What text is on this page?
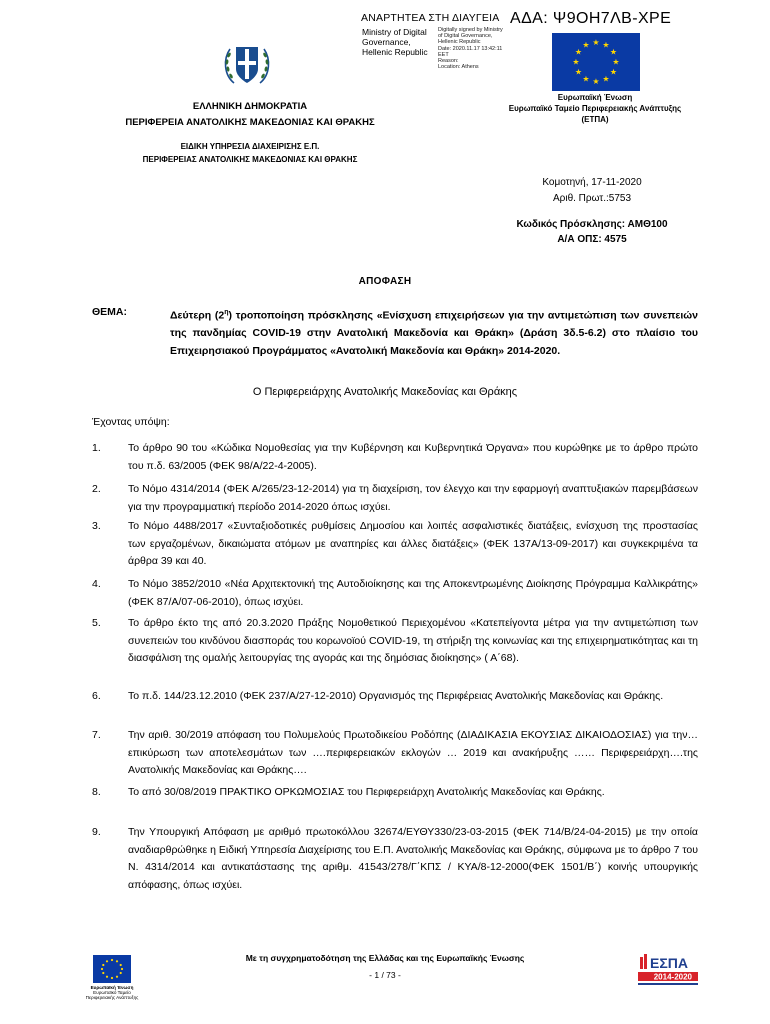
ΑΝΑΡΤΗΤΕΑ ΣΤΗ ΔΙΑΥΓΕΙΑ ΑΔΑ: Ψ9ΟΗ7ΛΒ-ΧΡΕ
Ministry of Digital
Governance,
Hellenic Republic
Digitally signed by Ministry
of Digital Governance,
Hellenic Republic
Date: 2020.11.17 13:42:11
EET
Reason:
Location: Athens
★ ★
★
★
★
★
★
★
★
★
★
★
Ευρωπαϊκή Ένωση
Ευρωπαϊκό Ταμείο Περιφερειακής Ανάπτυξης
(ΕΤΠΑ)
ΕΛΛΗΝΙΚΗ ΔΗΜΟΚΡΑΤΙΑ
ΠΕΡΙΦΕΡΕΙΑ ΑΝΑΤΟΛΙΚΗΣ ΜΑΚΕΔΟΝΙΑΣ ΚΑΙ ΘΡΑΚΗΣ
ΕΙΔΙΚΗ ΥΠΗΡΕΣΙΑ ΔΙΑΧΕΙΡΙΣΗΣ Ε.Π.
ΠΕΡΙΦΕΡΕΙΑΣ ΑΝΑΤΟΛΙΚΗΣ ΜΑΚΕΔΟΝΙΑΣ ΚΑΙ ΘΡΑΚΗΣ
Κομοτηνή, 17-11-2020
Αριθ. Πρωτ.:5753
Κωδικός Πρόσκλησης: ΑΜΘ100
Α/Α ΟΠΣ: 4575
ΑΠΟΦΑΣΗ
ΘΕΜΑ:	Δεύτερη $(2^\eta)$ τροποποίηση πρόσκλησης «Ενίσχυση επιχειρήσεων για την αντιμετώπιση των συνεπειών της πανδημίας COVID-19 στην Ανατολική Μακεδονία και Θράκη» (Δράση 3δ.5-6.2) στο πλαίσιο του Επιχειρησιακού Προγράμματος «Ανατολική Μακεδονία και Θράκη» 2014-2020.
Ο Περιφερειάρχης Ανατολικής Μακεδονίας και Θράκης
Έχοντας υπόψη:
1.	Το άρθρο 90 του «Κώδικα Νομοθεσίας για την Κυβέρνηση και Κυβερνητικά Όργανα» που κυρώθηκε με το άρθρο πρώτο του π.δ. 63/2005 (ΦΕΚ 98/Α/22-4-2005).
2.	Το Νόμο 4314/2014 (ΦΕΚ Α/265/23-12-2014) για τη διαχείριση, τον έλεγχο και την εφαρμογή αναπτυξιακών παρεμβάσεων για την προγραμματική περίοδο 2014-2020 όπως ισχύει.
3.	Το Νόμο 4488/2017 «Συνταξιοδοτικές ρυθμίσεις Δημοσίου και λοιπές ασφαλιστικές διατάξεις, ενίσχυση της προστασίας των εργαζομένων, δικαιώματα ατόμων με αναπηρίες και άλλες διατάξεις» (ΦΕΚ 137Α/13-09-2017) και συγκεκριμένα τα άρθρα 39 και 40.
4.	Το Νόμο 3852/2010 «Νέα Αρχιτεκτονική της Αυτοδιοίκησης και της Αποκεντρωμένης Διοίκησης Πρόγραμμα Καλλικράτης» (ΦΕΚ 87/Α/07-06-2010), όπως ισχύει.
5.	Το άρθρο έκτο της από 20.3.2020 Πράξης Νομοθετικού Περιεχομένου «Κατεπείγοντα μέτρα για την αντιμετώπιση των συνεπειών του κινδύνου διασποράς του κορωνοϊού COVID-19, τη στήριξη της κοινωνίας και της επιχειρηματικότητας και τη διασφάλιση της ομαλής λειτουργίας της αγοράς και της δημόσιας διοίκησης» ( Α΄68).
6.	Το π.δ. 144/23.12.2010 (ΦΕΚ 237/Α/27-12-2010) Οργανισμός της Περιφέρειας Ανατολικής Μακεδονίας και Θράκης.
7.	Την αριθ. 30/2019 απόφαση του Πολυμελούς Πρωτοδικείου Ροδόπης (ΔΙΑΔΙΚΑΣΙΑ ΕΚΟΥΣΙΑΣ ΔΙΚΑΙΟΔΟΣΙΑΣ) για την… επικύρωση των αποτελεσμάτων των ….περιφερειακών εκλογών … 2019 και ανακήρυξης …… Περιφερειάρχη….της Ανατολικής Μακεδονίας και Θράκης….
8.	Το από 30/08/2019 ΠΡΑΚΤΙΚΟ ΟΡΚΩΜΟΣΙΑΣ του Περιφερειάρχη Ανατολικής Μακεδονίας και Θράκης.
9.	Την Υπουργική Απόφαση με αριθμό πρωτοκόλλου 32674/ΕΥΘΥ330/23-03-2015 (ΦΕΚ 714/Β/24-04-2015) με την οποία αναδιαρθρώθηκε η Ειδική Υπηρεσία Διαχείρισης του Ε.Π. Ανατολικής Μακεδονίας και Θράκης, σύμφωνα με το άρθρο 7 του Ν. 4314/2014 και αντικατάστασης της αριθμ. 41543/278/Γ΄ΚΠΣ / ΚΥΑ/8-12-2000(ΦΕΚ 1501/Β΄) κοινής υπουργικής απόφασης, όπως ισχύει.
Ευρωπαϊκή Ένωση
Ευρωπαϊκό Ταμείο
Περιφερειακής Ανάπτυξης
Με τη συγχρηματοδότηση της Ελλάδας και της Ευρωπαϊκής Ένωσης
- 1 / 73 -
ΕΣΠΑ
2014-2020
